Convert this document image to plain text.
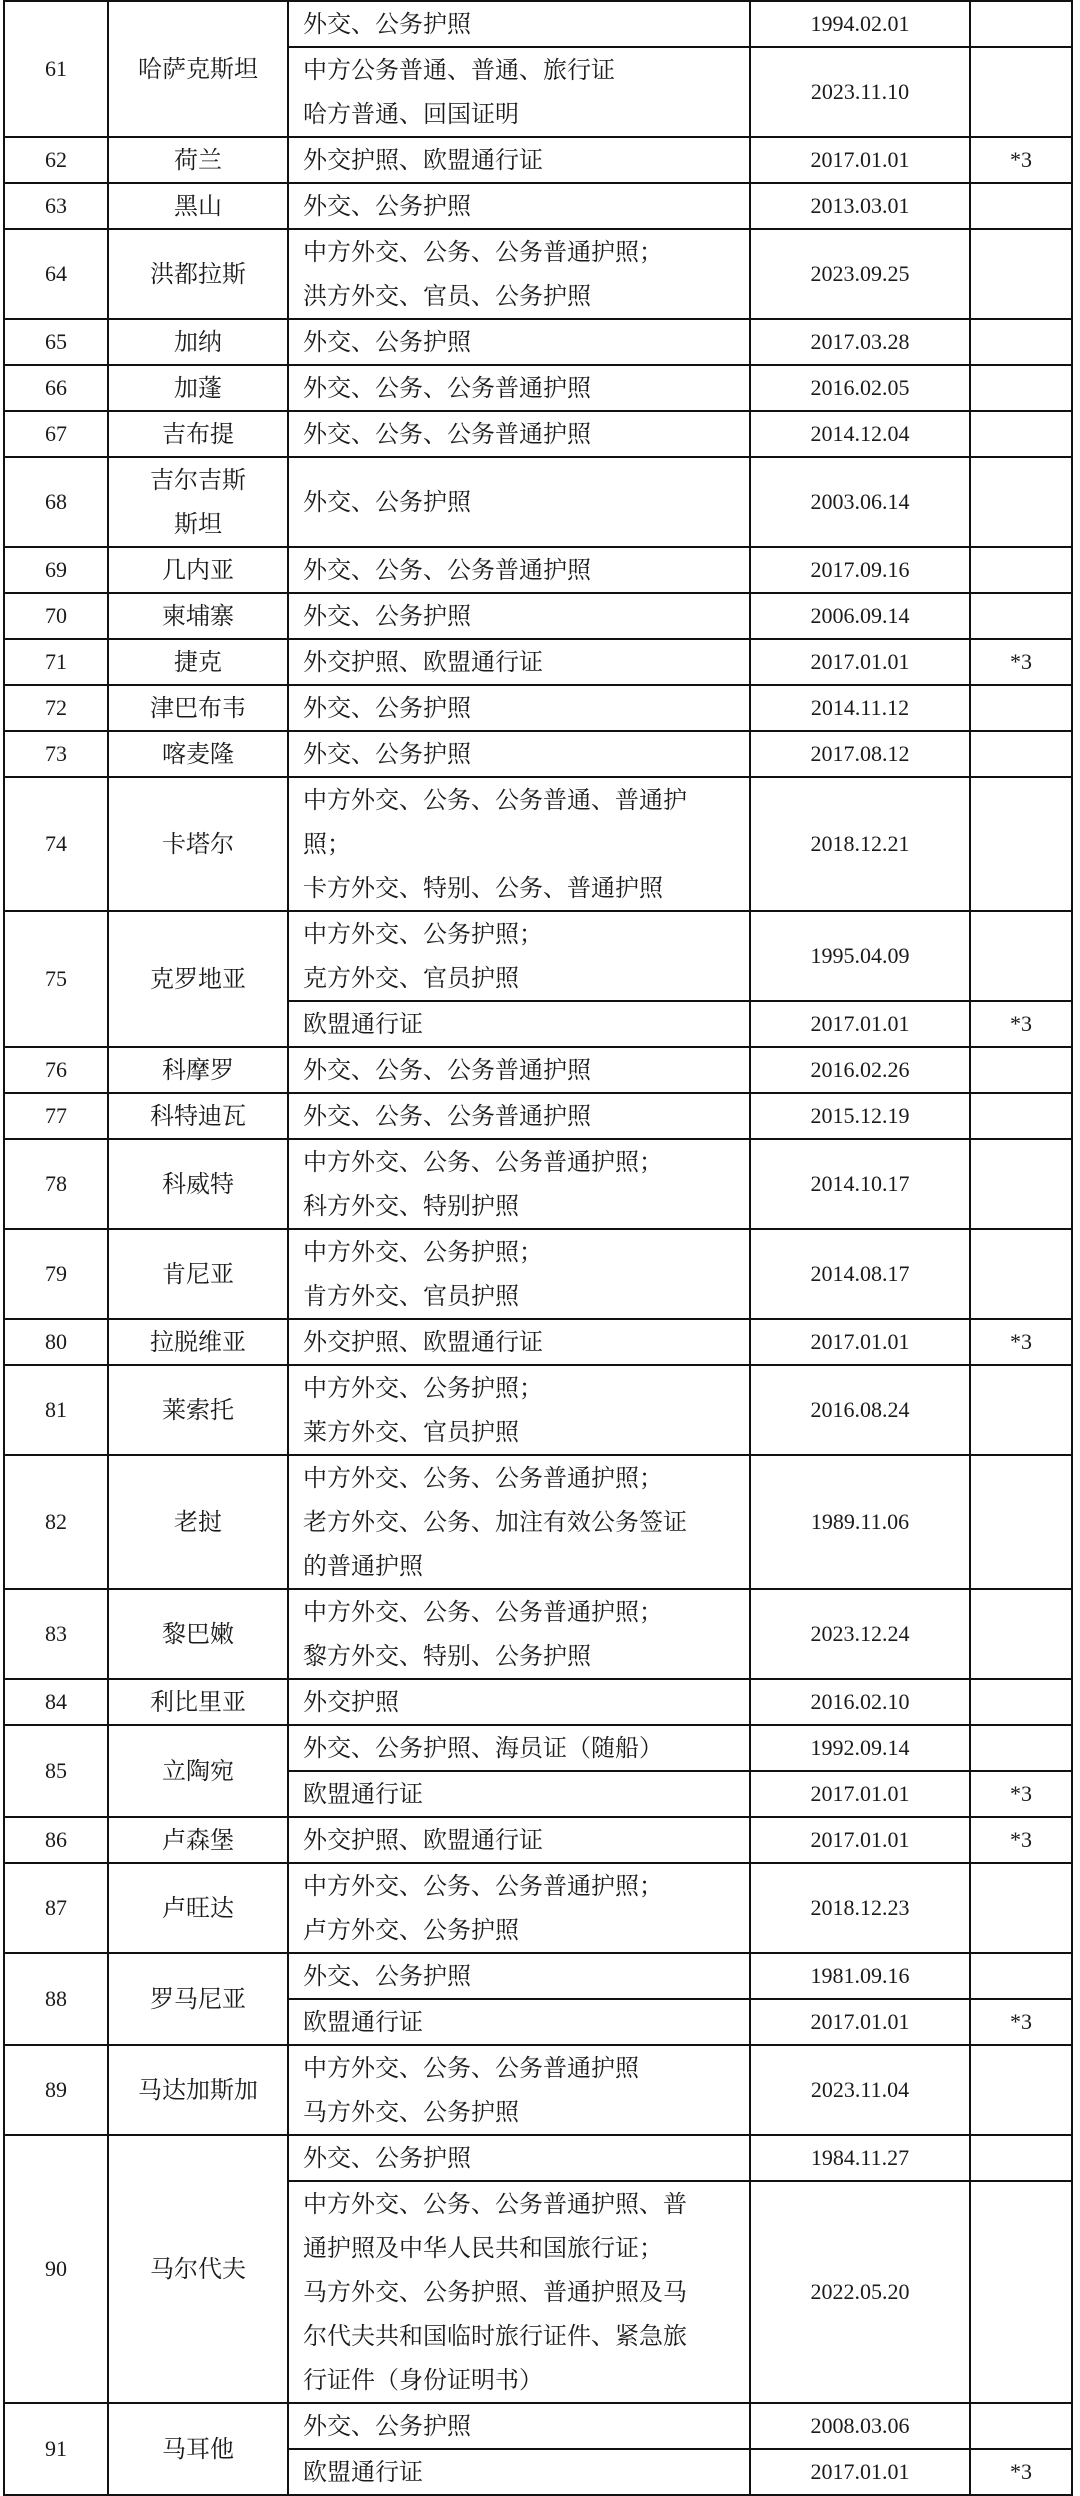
61	哈萨克斯坦	外交、公务护照	1994.02.01	

		中方公务普通、普通、旅行证
哈方普通、回国证明	2023.11.10	
62	荷兰	外交护照、欧盟通行证	2017.01.01	*3
63	黑山	外交、公务护照	2013.03.01	
64	洪都拉斯	中方外交、公务、公务普通护照；
洪方外交、官员、公务护照	2023.09.25	
65	加纳	外交、公务护照	2017.03.28	
66	加蓬	外交、公务、公务普通护照	2016.02.05	
67	吉布提	外交、公务、公务普通护照	2014.12.04	
68	吉尔吉斯
斯坦	外交、公务护照	2003.06.14	
69	几内亚	外交、公务、公务普通护照	2017.09.16	
70	柬埔寨	外交、公务护照	2006.09.14	
71	捷克	外交护照、欧盟通行证	2017.01.01	*3
72	津巴布韦	外交、公务护照	2014.11.12	
73	喀麦隆	外交、公务护照	2017.08.12	
74	卡塔尔	中方外交、公务、公务普通、普通护
照；
卡方外交、特别、公务、普通护照	2018.12.21	
75	克罗地亚	中方外交、公务护照；
克方外交、官员护照	1995.04.09	

		欧盟通行证	2017.01.01	*3
76	科摩罗	外交、公务、公务普通护照	2016.02.26	
77	科特迪瓦	外交、公务、公务普通护照	2015.12.19	
78	科威特	中方外交、公务、公务普通护照；
科方外交、特别护照	2014.10.17	
79	肯尼亚	中方外交、公务护照；
肯方外交、官员护照	2014.08.17	
80	拉脱维亚	外交护照、欧盟通行证	2017.01.01	*3
81	莱索托	中方外交、公务护照；
莱方外交、官员护照	2016.08.24	
82	老挝	中方外交、公务、公务普通护照；
老方外交、公务、加注有效公务签证
的普通护照	1989.11.06	
83	黎巴嫩	中方外交、公务、公务普通护照；
黎方外交、特别、公务护照	2023.12.24	
84	利比里亚	外交护照	2016.02.10	
85	立陶宛	外交、公务护照、海员证（随船）	1992.09.14	

		欧盟通行证	2017.01.01	*3
86	卢森堡	外交护照、欧盟通行证	2017.01.01	*3
87	卢旺达	中方外交、公务、公务普通护照；
卢方外交、公务护照	2018.12.23	
88	罗马尼亚	外交、公务护照	1981.09.16	

		欧盟通行证	2017.01.01	*3
89	马达加斯加	中方外交、公务、公务普通护照
马方外交、公务护照	2023.11.04	
90	马尔代夫	外交、公务护照	1984.11.27	

		中方外交、公务、公务普通护照、普
通护照及中华人民共和国旅行证；
马方外交、公务护照、普通护照及马
尔代夫共和国临时旅行证件、紧急旅
行证件（身份证明书）	2022.05.20	
91	马耳他	外交、公务护照	2008.03.06	

		欧盟通行证	2017.01.01	*3
